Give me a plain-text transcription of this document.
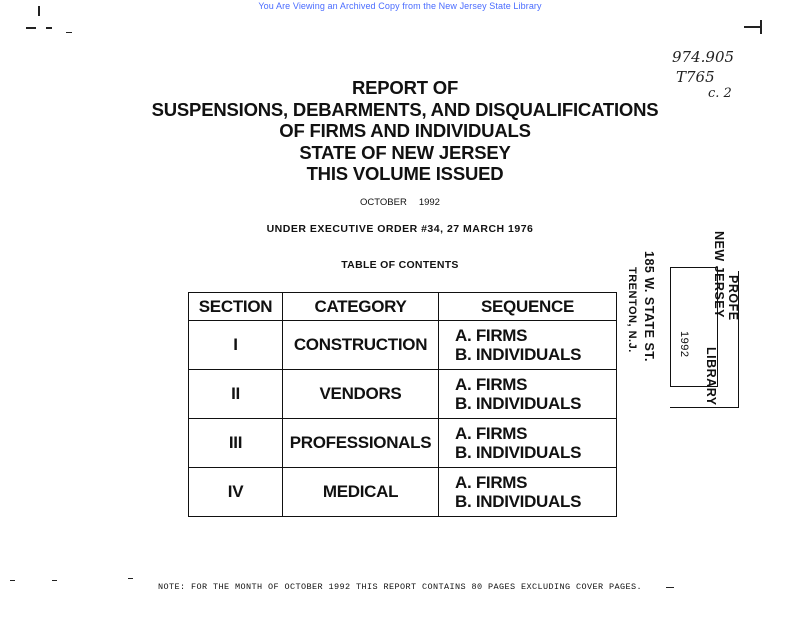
You Are Viewing an Archived Copy from the New Jersey State Library
974.905
T765
c. 2
REPORT OF
SUSPENSIONS, DEBARMENTS, AND DISQUALIFICATIONS
OF FIRMS AND INDIVIDUALS
STATE OF NEW JERSEY
THIS VOLUME ISSUED
OCTOBER 1992
UNDER EXECUTIVE ORDER #34, 27 MARCH 1976
TABLE OF CONTENTS
SECTION	CATEGORY	SEQUENCE
I	CONSTRUCTION	A. FIRMS
B. INDIVIDUALS

II	VENDORS	A. FIRMS
B. INDIVIDUALS

III	PROFESSIONALS	A. FIRMS
B. INDIVIDUALS

IV	MEDICAL	A. FIRMS
B. INDIVIDUALS
NEW JERSEY PROFE
LIBRARY
185 W. STATE ST.
TRENTON, N.J.	1992
NOTE: FOR THE MONTH OF OCTOBER 1992 THIS REPORT CONTAINS 80 PAGES EXCLUDING COVER PAGES.
